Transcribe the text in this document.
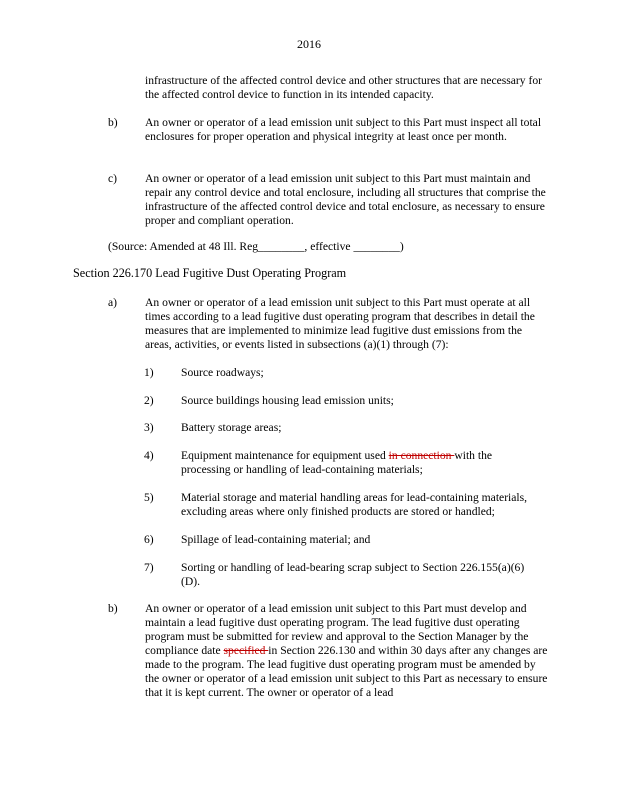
2016

infrastructure of the affected control device and other structures that are necessary for the affected control device to function in its intended capacity.

b) An owner or operator of a lead emission unit subject to this Part must inspect all total enclosures for proper operation and physical integrity at least once per month.

c) An owner or operator of a lead emission unit subject to this Part must maintain and repair any control device and total enclosure, including all structures that comprise the infrastructure of the affected control device and total enclosure, as necessary to ensure proper and compliant operation.

(Source: Amended at 48 Ill. Reg________, effective ________)
Section 226.170 Lead Fugitive Dust Operating Program
a) An owner or operator of a lead emission unit subject to this Part must operate at all times according to a lead fugitive dust operating program that describes in detail the measures that are implemented to minimize lead fugitive dust emissions from the areas, activities, or events listed in subsections (a)(1) through (7):

1) Source roadways;

2) Source buildings housing lead emission units;

3) Battery storage areas;

4) Equipment maintenance for equipment used in connection with the processing or handling of lead-containing materials;

5) Material storage and material handling areas for lead-containing materials, excluding areas where only finished products are stored or handled;

6) Spillage of lead-containing material; and

7) Sorting or handling of lead-bearing scrap subject to Section 226.155(a)(6)(D).

b) An owner or operator of a lead emission unit subject to this Part must develop and maintain a lead fugitive dust operating program. The lead fugitive dust operating program must be submitted for review and approval to the Section Manager by the compliance date specified in Section 226.130 and within 30 days after any changes are made to the program. The lead fugitive dust operating program must be amended by the owner or operator of a lead emission unit subject to this Part as necessary to ensure that it is kept current. The owner or operator of a lead
